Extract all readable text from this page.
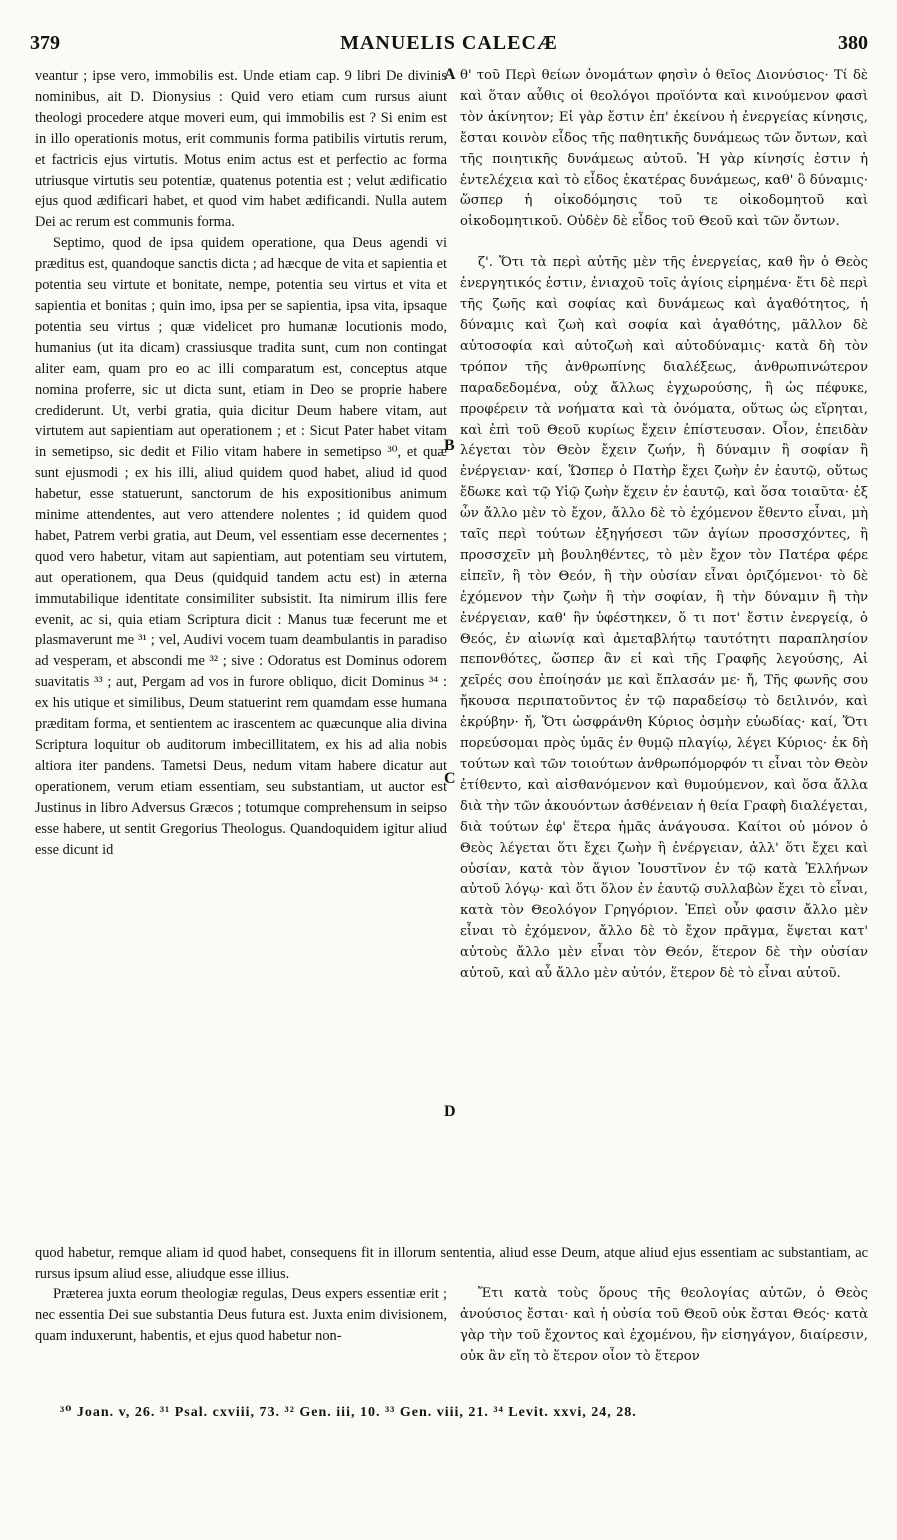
379	MANUELIS CALECÆ	380
A
B
C
D

veantur ; ipse vero, immobilis est. Unde etiam cap. 9 libri De divinis nominibus, ait D. Dionysius : Quid vero etiam cum rursus aiunt theologi procedere atque moveri eum, qui immobilis est ? Si enim est in illo operationis motus, erit communis forma patibilis virtutis rerum, et factricis ejus virtutis. Motus enim actus est et perfectio ac forma utriusque virtutis seu potentiæ, quatenus potentia est ; velut ædificatio ejus quod ædificari habet, et quod vim habet ædificandi. Nulla autem Dei ac rerum est communis forma.

Septimo, quod de ipsa quidem operatione, qua Deus agendi vi præditus est, quandoque sanctis dicta ; ad hæcque de vita et sapientia et potentia seu virtute et bonitate, nempe, potentia seu virtus et vita et sapientia et bonitas ; quin imo, ipsa per se sapientia, ipsa vita, ipsaque potentia seu virtus ; quæ videlicet pro humanæ locutionis modo, humanius (ut ita dicam) crassiusque tradita sunt, cum non contingat aliter eam, quam pro eo ac illi comparatum est, conceptus atque nomina proferre, sic ut dicta sunt, etiam in Deo se proprie habere crediderunt. Ut, verbi gratia, quia dicitur Deum habere vitam, aut virtutem aut sapientiam aut operationem ; et : Sicut Pater habet vitam in semetipso, sic dedit et Filio vitam habere in semetipso ³⁰, et quæ sunt ejusmodi ; ex his illi, aliud quidem quod habet, aliud id quod habetur, esse statuerunt, sanctorum de his expositionibus animum minime attendentes, aut vero attendere nolentes ; id quidem quod habet, Patrem verbi gratia, aut Deum, vel essentiam esse decernentes ; quod vero habetur, vitam aut sapientiam, aut potentiam seu virtutem, aut operationem, qua Deus (quidquid tandem actu est) in æterna immutabilique identitate consimiliter subsistit. Ita nimirum illis fere evenit, ac si, quia etiam Scriptura dicit : Manus tuæ fecerunt me et plasmaverunt me ³¹ ; vel, Audivi vocem tuam deambulantis in paradiso ad vesperam, et abscondi me ³² ; sive : Odoratus est Dominus odorem suavitatis ³³ ; aut, Pergam ad vos in furore obliquo, dicit Dominus ³⁴ : ex his utique et similibus, Deum statuerint rem quamdam esse humana præditam forma, et sentientem ac irascentem ac quæcunque alia divina Scriptura loquitur ob auditorum imbecillitatem, ex his ad alia nobis altiora iter pandens. Tametsi Deus, nedum vitam habere dicatur aut operationem, verum etiam essentiam, seu substantiam, ut auctor est Justinus in libro Adversus Græcos ; totumque comprehensum in seipso esse habere, ut sentit Gregorius Theologus. Quandoquidem igitur aliud esse dicunt id

θ' τοῦ Περὶ θείων ὀνομάτων φησὶν ὁ θεῖος Διονύσιος· Τί δὲ καὶ ὅταν αὖθις οἱ θεολόγοι προϊόντα καὶ κινούμενον φασὶ τὸν ἀκίνητον; Εἰ γὰρ ἔστιν ἐπ' ἐκείνου ἡ ἐνεργείας κίνησις, ἔσται κοινὸν εἶδος τῆς παθητικῆς δυνάμεως τῶν ὄντων, καὶ τῆς ποιητικῆς δυνάμεως αὐτοῦ. Ἡ γὰρ κίνησίς ἐστιν ἡ ἐντελέχεια καὶ τὸ εἶδος ἑκατέρας δυνάμεως, καθ' ὃ δύναμις· ὥσπερ ἡ οἰκοδόμησις τοῦ τε οἰκοδομητοῦ καὶ οἰκοδομητικοῦ. Οὐδὲν δὲ εἶδος τοῦ Θεοῦ καὶ τῶν ὄντων.

ζ'. Ὅτι τὰ περὶ αὐτῆς μὲν τῆς ἐνεργείας, καθ ἣν ὁ Θεὸς ἐνεργητικός ἐστιν, ἐνιαχοῦ τοῖς ἁγίοις εἰρημένα· ἔτι δὲ περὶ τῆς ζωῆς καὶ σοφίας καὶ δυνάμεως καὶ ἀγαθότητος, ἡ δύναμις καὶ ζωὴ καὶ σοφία καὶ ἀγαθότης, μᾶλλον δὲ αὐτοσοφία καὶ αὐτοζωὴ καὶ αὐτοδύναμις· κατὰ δὴ τὸν τρόπον τῆς ἀνθρωπίνης διαλέξεως, ἀνθρωπινώτερον παραδεδομένα, οὐχ ἄλλως ἐγχωρούσης, ἢ ὡς πέφυκε, προφέρειν τὰ νοήματα καὶ τὰ ὀνόματα, οὕτως ὡς εἴρηται, καὶ ἐπὶ τοῦ Θεοῦ κυρίως ἔχειν ἐπίστευσαν. Οἷον, ἐπειδὰν λέγεται τὸν Θεὸν ἔχειν ζωήν, ἢ δύναμιν ἢ σοφίαν ἢ ἐνέργειαν· καί, Ὥσπερ ὁ Πατὴρ ἔχει ζωὴν ἐν ἑαυτῷ, οὕτως ἔδωκε καὶ τῷ Υἱῷ ζωὴν ἔχειν ἐν ἑαυτῷ, καὶ ὅσα τοιαῦτα· ἐξ ὧν ἄλλο μὲν τὸ ἔχον, ἄλλο δὲ τὸ ἐχόμενον ἔθεντο εἶναι, μὴ ταῖς περὶ τούτων ἐξηγήσεσι τῶν ἁγίων προσσχόντες, ἢ προσσχεῖν μὴ βουληθέντες, τὸ μὲν ἔχον τὸν Πατέρα φέρε εἰπεῖν, ἢ τὸν Θεόν, ἢ τὴν οὐσίαν εἶναι ὁριζόμενοι· τὸ δὲ ἐχόμενον τὴν ζωὴν ἢ τὴν σοφίαν, ἢ τὴν δύναμιν ἢ τὴν ἐνέργειαν, καθ' ἣν ὑφέστηκεν, ὅ τι ποτ' ἔστιν ἐνεργείᾳ, ὁ Θεός, ἐν αἰωνίᾳ καὶ ἀμεταβλήτῳ ταυτότητι παραπλησίον πεπονθότες, ὥσπερ ἂν εἰ καὶ τῆς Γραφῆς λεγούσης, Αἱ χεῖρές σου ἐποίησάν με καὶ ἔπλασάν με· ἤ, Τῆς φωνῆς σου ἤκουσα περιπατοῦντος ἐν τῷ παραδείσῳ τὸ δειλινόν, καὶ ἐκρύβην· ἤ, Ὅτι ὠσφράνθη Κύριος ὀσμὴν εὐωδίας· καί, Ὅτι πορεύσομαι πρὸς ὑμᾶς ἐν θυμῷ πλαγίῳ, λέγει Κύριος· ἐκ δὴ τούτων καὶ τῶν τοιούτων ἀνθρωπόμορφόν τι εἶναι τὸν Θεὸν ἐτίθεντο, καὶ αἰσθανόμενον καὶ θυμούμενον, καὶ ὅσα ἄλλα διὰ τὴν τῶν ἀκουόντων ἀσθένειαν ἡ θεία Γραφὴ διαλέγεται, διὰ τούτων ἐφ' ἕτερα ἡμᾶς ἀνάγουσα. Καίτοι οὐ μόνον ὁ Θεὸς λέγεται ὅτι ἔχει ζωὴν ἢ ἐνέργειαν, ἀλλ' ὅτι ἔχει καὶ οὐσίαν, κατὰ τὸν ἅγιον Ἰουστῖνον ἐν τῷ κατὰ Ἑλλήνων αὐτοῦ λόγῳ· καὶ ὅτι ὅλον ἐν ἑαυτῷ συλλαβὼν ἔχει τὸ εἶναι, κατὰ τὸν Θεολόγον Γρηγόριον. Ἐπεὶ οὖν φασιν ἄλλο μὲν εἶναι τὸ ἐχόμενον, ἄλλο δὲ τὸ ἔχον πρᾶγμα, ἕψεται κατ' αὐτοὺς ἄλλο μὲν εἶναι τὸν Θεόν, ἕτερον δὲ τὴν οὐσίαν αὐτοῦ, καὶ αὖ ἄλλο μὲν αὐτόν, ἕτερον δὲ τὸ εἶναι αὐτοῦ.

quod habetur, remque aliam id quod habet, consequens fit in illorum sententia, aliud esse Deum, atque aliud ejus essentiam ac substantiam, ac rursus ipsum aliud esse, aliudque esse illius.

Præterea juxta eorum theologiæ regulas, Deus expers essentiæ erit ; nec essentia Dei sue substantia Deus futura est. Juxta enim divisionem, quam induxerunt, habentis, et ejus quod habetur non-

Ἔτι κατὰ τοὺς ὅρους τῆς θεολογίας αὐτῶν, ὁ Θεὸς ἀνούσιος ἔσται· καὶ ἡ οὐσία τοῦ Θεοῦ οὐκ ἔσται Θεός· κατὰ γὰρ τὴν τοῦ ἔχοντος καὶ ἐχομένου, ἣν εἰσηγάγον, διαίρεσιν, οὐκ ἂν εἴη τὸ ἕτερον οἷον τὸ ἕτερον

³⁰ Joan. v, 26. ³¹ Psal. cxviii, 73. ³² Gen. iii, 10. ³³ Gen. viii, 21. ³⁴ Levit. xxvi, 24, 28.
